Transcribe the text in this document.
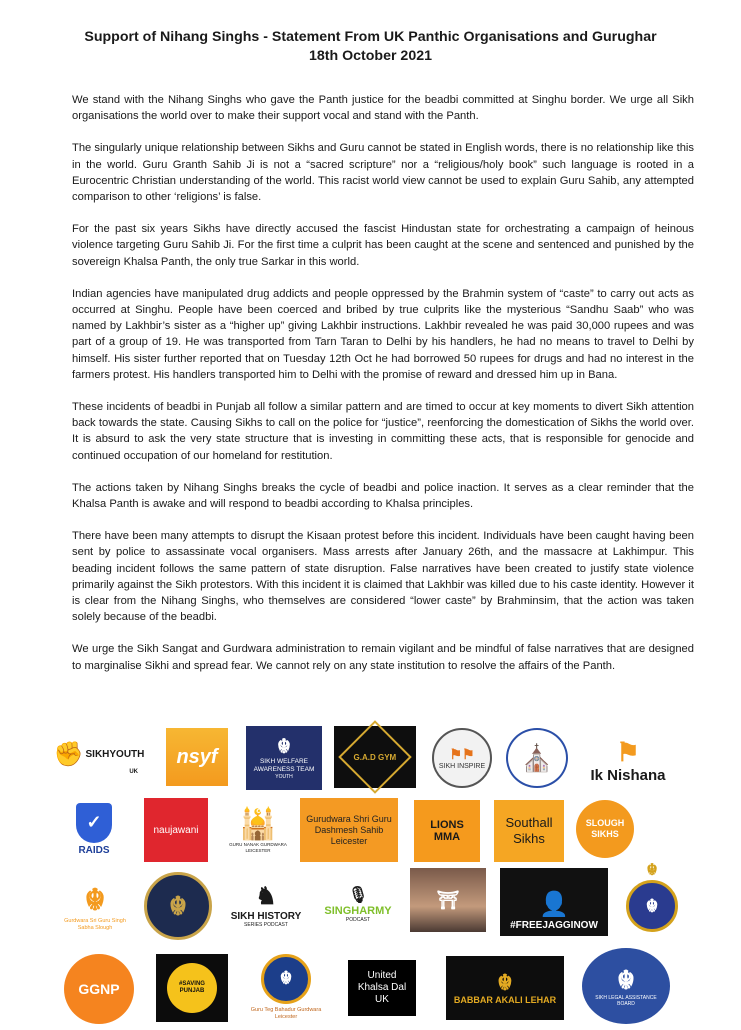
Support of Nihang Singhs - Statement From UK Panthic Organisations and Gurughar
18th October 2021

We stand with the Nihang Singhs who gave the Panth justice for the beadbi committed at Singhu border. We urge all Sikh organisations the world over to make their support vocal and stand with the Panth.

The singularly unique relationship between Sikhs and Guru cannot be stated in English words, there is no relationship like this in the world. Guru Granth Sahib Ji is not a “sacred scripture” nor a “religious/holy book” such language is rooted in a Eurocentric Christian understanding of the world. This racist world view cannot be used to explain Guru Sahib, any attempted comparison to other ‘religions’ is false.

For the past six years Sikhs have directly accused the fascist Hindustan state for orchestrating a campaign of heinous violence targeting Guru Sahib Ji. For the first time a culprit has been caught at the scene and sentenced and punished by the sovereign Khalsa Panth, the only true Sarkar in this world.

Indian agencies have manipulated drug addicts and people oppressed by the Brahmin system of “caste” to carry out acts as occurred at Singhu. People have been coerced and bribed by true culprits like the mysterious “Sandhu Saab” who was named by Lakhbir’s sister as a “higher up” giving Lakhbir instructions. Lakhbir revealed he was paid 30,000 rupees and was part of a group of 19. He was transported from Tarn Taran to Delhi by his handlers, he had no means to travel to Delhi by himself. His sister further reported that on Tuesday 12th Oct he had borrowed 50 rupees for drugs and had no interest in the farmers protest. His handlers transported him to Delhi with the promise of reward and dressed him up in Bana.

These incidents of beadbi in Punjab all follow a similar pattern and are timed to occur at key moments to divert Sikh attention back towards the state. Causing Sikhs to call on the police for “justice”, reenforcing the domestication of Sikhs the world over. It is absurd to ask the very state structure that is investing in committing these acts, that is responsible for genocide and continued occupation of our homeland for restitution.

The actions taken by Nihang Singhs breaks the cycle of beadbi and police inaction. It serves as a clear reminder that the Khalsa Panth is awake and will respond to beadbi according to Khalsa principles.

There have been many attempts to disrupt the Kisaan protest before this incident. Individuals have been caught having been sent by police to assassinate vocal organisers. Mass arrests after January 26th, and the massacre at Lakhimpur. This beading incident follows the same pattern of state disruption. False narratives have been created to justify state violence primarily against the Sikh protestors. With this incident it is claimed that Lakhbir was killed due to his caste identity. However it is clear from the Nihang Singhs, who themselves are considered “lower caste” by Brahminsim, that the action was taken solely because of the beadbi.

We urge the Sikh Sangat and Gurdwara administration to remain vigilant and be mindful of false narratives that are designed to marginalise Sikhi and spread fear. We cannot rely on any state institution to resolve the affairs of the Panth.

✊ SIKHYOUTH
UK
nsyf	☬
SIKH WELFARE AWARENESS TEAM
YOUTH
G.A.D GYM	⚑⚑
SIKH INSPIRE ⛪ ⚑
Ik Nishana
✓
RAIDS
naujawani 🕌
GURU NANAK GURDWARA LEICESTER
Gurudwara Shri Guru Dashmesh Sahib Leicester
LIONS MMA
Southall Sikhs
SLOUGH SIKHS
☬
Gurdwara Sri Guru Singh Sabha Slough
☬	♞
SIKH HISTORY
SERIES PODCAST
🎙
SINGHARMY
PODCAST
⛩	👤
#FREEJAGGINOW
☬
☬
GGNP	#SAVING PUNJAB
☬
Guru Teg Bahadur Gurdwara Leicester
United Khalsa Dal UK
☬
BABBAR AKALI LEHAR
☬
SIKH LEGAL ASSISTANCE BOARD
